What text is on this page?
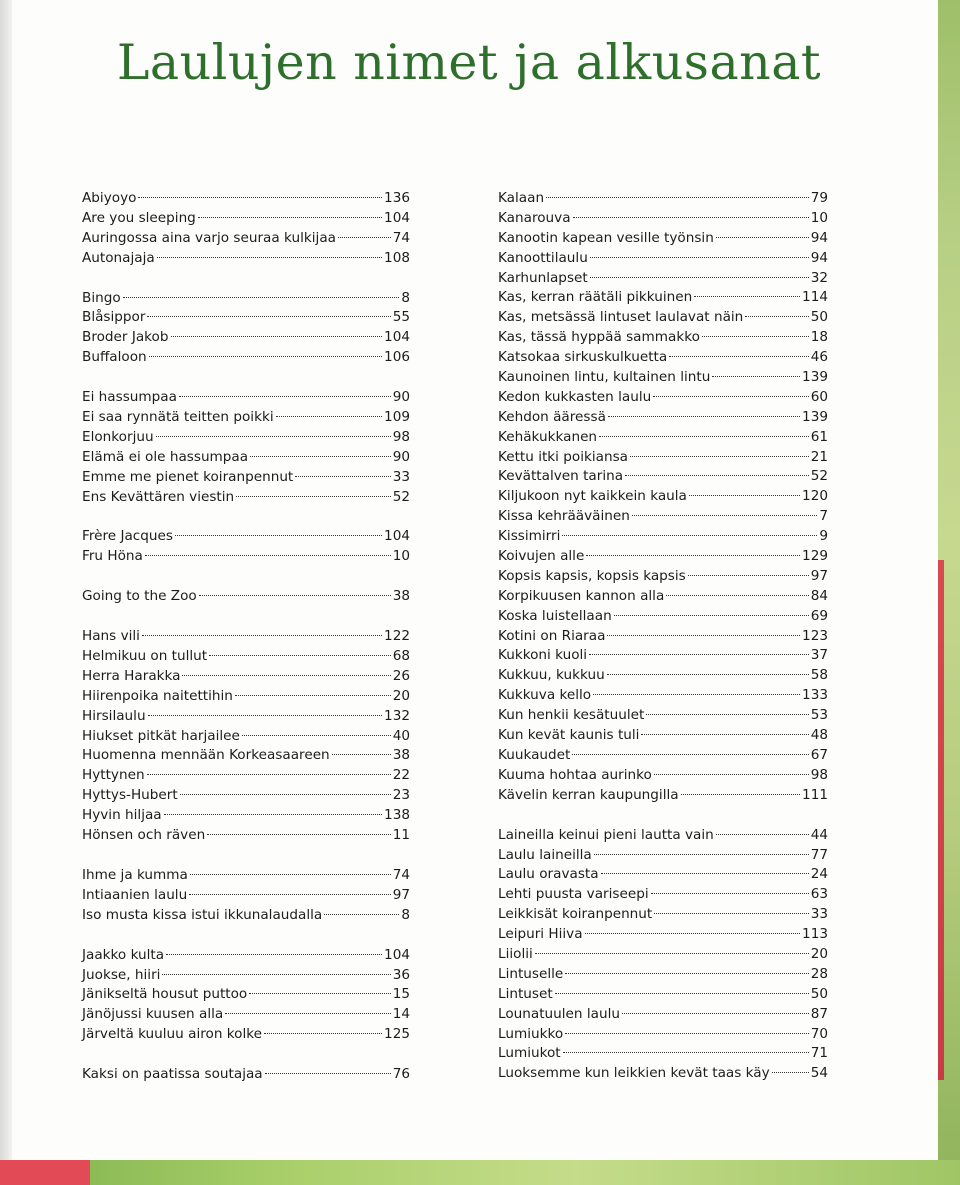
Laulujen nimet ja alkusanat
Abiyoyo	136
Are you sleeping	104
Auringossa aina varjo seuraa kulkijaa	74
Autonajaja	108
Bingo	8
Blåsippor	55
Broder Jakob	104
Buffaloon	106
Ei hassumpaa	90
Ei saa rynnätä teitten poikki	109
Elonkorjuu	98
Elämä ei ole hassumpaa	90
Emme me pienet koiranpennut	33
Ens Kevättären viestin	52
Frère Jacques	104
Fru Höna	10
Going to the Zoo	38
Hans vili	122
Helmikuu on tullut	68
Herra Harakka	26
Hiirenpoika naitettihin	20
Hirsilaulu	132
Hiukset pitkät harjailee	40
Huomenna mennään Korkeasaareen	38
Hyttynen	22
Hyttys-Hubert	23
Hyvin hiljaa	138
Hönsen och räven	11
Ihme ja kumma	74
Intiaanien laulu	97
Iso musta kissa istui ikkunalaudalla	8
Jaakko kulta	104
Juokse, hiiri	36
Jänikseltä housut puttoo	15
Jänöjussi kuusen alla	14
Järveltä kuuluu airon kolke	125
Kaksi on paatissa soutajaa	76
Kalaan	79
Kanarouva	10
Kanootin kapean vesille työnsin	94
Kanoottilaulu	94
Karhunlapset	32
Kas, kerran räätäli pikkuinen	114
Kas, metsässä lintuset laulavat näin	50
Kas, tässä hyppää sammakko	18
Katsokaa sirkuskulkuetta	46
Kaunoinen lintu, kultainen lintu	139
Kedon kukkasten laulu	60
Kehdon ääressä	139
Kehäkukkanen	61
Kettu itki poikiansa	21
Kevättalven tarina	52
Kiljukoon nyt kaikkein kaula	120
Kissa kehrääväinen	7
Kissimirri	9
Koivujen alle	129
Kopsis kapsis, kopsis kapsis	97
Korpikuusen kannon alla	84
Koska luistellaan	69
Kotini on Riaraa	123
Kukkoni kuoli	37
Kukkuu, kukkuu	58
Kukkuva kello	133
Kun henkii kesätuulet	53
Kun kevät kaunis tuli	48
Kuukaudet	67
Kuuma hohtaa aurinko	98
Kävelin kerran kaupungilla	111
Laineilla keinui pieni lautta vain	44
Laulu laineilla	77
Laulu oravasta	24
Lehti puusta variseepi	63
Leikkisät koiranpennut	33
Leipuri Hiiva	113
Liiolii	20
Lintuselle	28
Lintuset	50
Lounatuulen laulu	87
Lumiukko	70
Lumiukot	71
Luoksemme kun leikkien kevät taas käy	54
